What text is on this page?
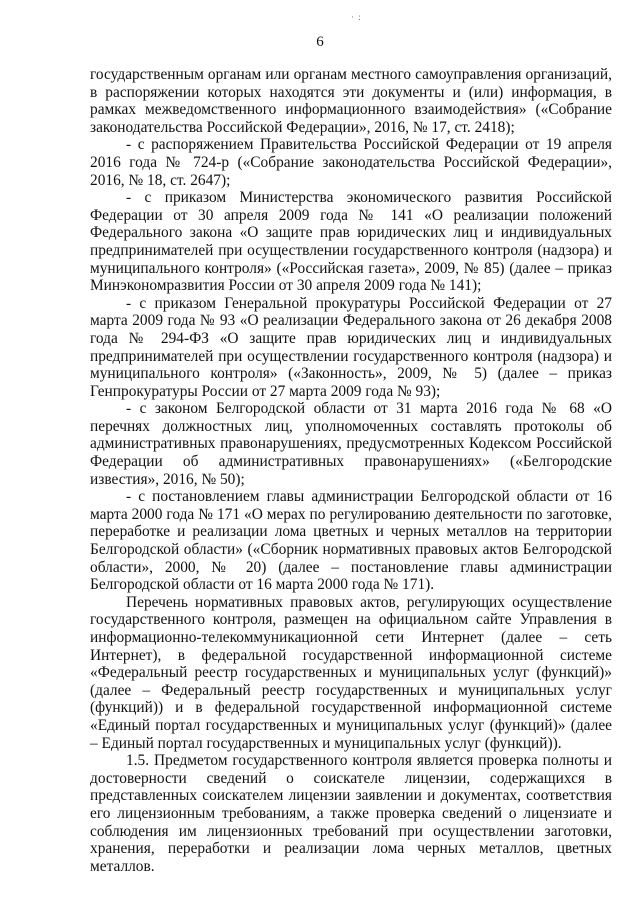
· :
6

государственным органам или органам местного самоуправления организаций, в распоряжении которых находятся эти документы и (или) информация, в рамках межведомственного информационного взаимодействия» («Собрание законодательства Российской Федерации», 2016, № 17, ст. 2418);

- с распоряжением Правительства Российской Федерации от 19 апреля 2016 года № 724-р («Собрание законодательства Российской Федерации», 2016, № 18, ст. 2647);

- с приказом Министерства экономического развития Российской Федерации от 30 апреля 2009 года № 141 «О реализации положений Федерального закона «О защите прав юридических лиц и индивидуальных предпринимателей при осуществлении государственного контроля (надзора) и муниципального контроля» («Российская газета», 2009, № 85) (далее – приказ Минэкономразвития России от 30 апреля 2009 года № 141);

- с приказом Генеральной прокуратуры Российской Федерации от 27 марта 2009 года № 93 «О реализации Федерального закона от 26 декабря 2008 года № 294-ФЗ «О защите прав юридических лиц и индивидуальных предпринимателей при осуществлении государственного контроля (надзора) и муниципального контроля» («Законность», 2009, № 5) (далее – приказ Генпрокуратуры России от 27 марта 2009 года № 93);

- с законом Белгородской области от 31 марта 2016 года № 68 «О перечнях должностных лиц, уполномоченных составлять протоколы об административных правонарушениях, предусмотренных Кодексом Российской Федерации об административных правонарушениях» («Белгородские известия», 2016, № 50);

- с постановлением главы администрации Белгородской области от 16 марта 2000 года № 171 «О мерах по регулированию деятельности по заготовке, переработке и реализации лома цветных и черных металлов на территории Белгородской области» («Сборник нормативных правовых актов Белгородской области», 2000, № 20) (далее – постановление главы администрации Белгородской области от 16 марта 2000 года № 171).

Перечень нормативных правовых актов, регулирующих осуществление государственного контроля, размещен на официальном сайте Управления в информационно-телекоммуникационной сети Интернет (далее – сеть Интернет), в федеральной государственной информационной системе «Федеральный реестр государственных и муниципальных услуг (функций)» (далее – Федеральный реестр государственных и муниципальных услуг (функций)) и в федеральной государственной информационной системе «Единый портал государственных и муниципальных услуг (функций)» (далее – Единый портал государственных и муниципальных услуг (функций)).

1.5. Предметом государственного контроля является проверка полноты и достоверности сведений о соискателе лицензии, содержащихся в представленных соискателем лицензии заявлении и документах, соответствия его лицензионным требованиям, а также проверка сведений о лицензиате и соблюдения им лицензионных требований при осуществлении заготовки, хранения, переработки и реализации лома черных металлов, цветных металлов.
